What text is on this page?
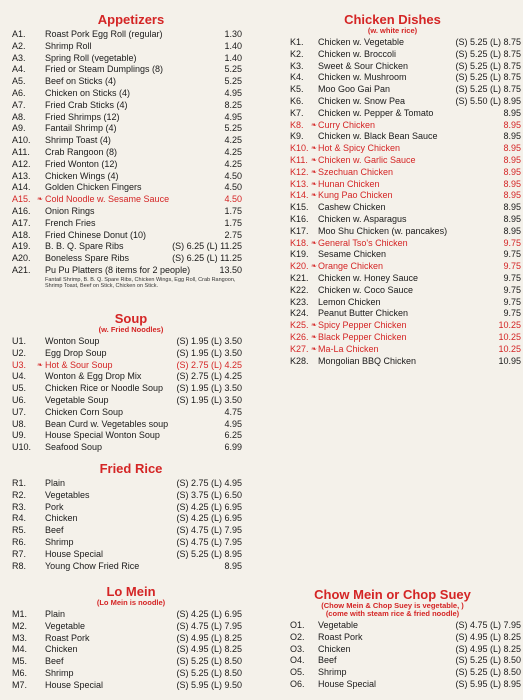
Appetizers
A1. Roast Pork Egg Roll (regular)	1.30
A2. Shrimp Roll	1.40
A3. Spring Roll (vegetable)	1.40
A4. Fried or Steam Dumplings (8)	5.25
A5. Beef on Sticks (4)	5.25
A6. Chicken on Sticks (4)	4.95
A7. Fried Crab Sticks (4)	8.25
A8. Fried Shrimps (12)	4.95
A9. Fantail Shrimp (4)	5.25
A10. Shrimp Toast (4)	4.25
A11. Crab Rangoon (8)	4.25
A12. Fried Wonton (12)	4.25
A13. Chicken Wings (4)	4.50
A14. Golden Chicken Fingers	4.50
A15. ❧ Cold Noodle w. Sesame Sauce	4.50
A16. Onion Rings	1.75
A17. French Fries	1.75
A18. Fried Chinese Donut (10)	2.75
A19. B. B. Q. Spare Ribs	(S) 6.25 (L) 11.25
A20. Boneless Spare Ribs	(S) 6.25 (L) 11.25
A21. Pu Pu Platters (8 items for 2 people)	13.50
Fantail Shrimp, B. B. Q. Spare Ribs, Chicken Wings, Egg Roll, Crab Rangoon, Shrimp Toast, Beef on Stick, Chicken on Stick.
Soup
(w. Fried Noodles)
U1. Wonton Soup	(S) 1.95 (L) 3.50
U2. Egg Drop Soup	(S) 1.95 (L) 3.50
U3. ❧ Hot & Sour Soup	(S) 2.75 (L) 4.25
U4. Wonton & Egg Drop Mix	(S) 2.75 (L) 4.25
U5. Chicken Rice or Noodle Soup (S) 1.95 (L) 3.50
U6. Vegetable Soup	(S) 1.95 (L) 3.50
U7. Chicken Corn Soup	4.75
U8. Bean Curd w. Vegetables soup	4.95
U9. House Special Wonton Soup	6.25
U10. Seafood Soup	6.99
Fried Rice
R1. Plain	(S) 2.75 (L) 4.95
R2. Vegetables	(S) 3.75 (L) 6.50
R3. Pork	(S) 4.25 (L) 6.95
R4. Chicken	(S) 4.25 (L) 6.95
R5. Beef	(S) 4.75 (L) 7.95
R6. Shrimp	(S) 4.75 (L) 7.95
R7. House Special	(S) 5.25 (L) 8.95
R8. Young Chow Fried Rice	8.95
Lo Mein
(Lo Mein is noodle)
M1. Plain	(S) 4.25 (L) 6.95
M2. Vegetable	(S) 4.75 (L) 7.95
M3. Roast Pork	(S) 4.95 (L) 8.25
M4. Chicken	(S) 4.95 (L) 8.25
M5. Beef	(S) 5.25 (L) 8.50
M6. Shrimp	(S) 5.25 (L) 8.50
M7. House Special	(S) 5.95 (L) 9.50
Chicken Dishes
(w. white rice)
K1. Chicken w. Vegetable	(S) 5.25 (L) 8.75
K2. Chicken w. Broccoli	(S) 5.25 (L) 8.75
K3. Sweet & Sour Chicken	(S) 5.25 (L) 8.75
K4. Chicken w. Mushroom	(S) 5.25 (L) 8.75
K5. Moo Goo Gai Pan	(S) 5.25 (L) 8.75
K6. Chicken w. Snow Pea	(S) 5.50 (L) 8.95
K7. Chicken w. Pepper & Tomato	8.95
K8. ❧ Curry Chicken	8.95
K9. Chicken w. Black Bean Sauce	8.95
K10. ❧ Hot & Spicy Chicken	8.95
K11. ❧ Chicken w. Garlic Sauce	8.95
K12. ❧ Szechuan Chicken	8.95
K13. ❧ Hunan Chicken	8.95
K14. ❧ Kung Pao Chicken	8.95
K15. Cashew Chicken	8.95
K16. Chicken w. Asparagus	8.95
K17. Moo Shu Chicken (w. pancakes)	8.95
K18. ❧ General Tso's Chicken	9.75
K19. Sesame Chicken	9.75
K20. ❧ Orange Chicken	9.75
K21. Chicken w. Honey Sauce	9.75
K22. Chicken w. Coco Sauce	9.75
K23. Lemon Chicken	9.75
K24. Peanut Butter Chicken	9.75
K25. ❧ Spicy Pepper Chicken	10.25
K26. ❧ Black Pepper Chicken	10.25
K27. ❧ Ma-La Chicken	10.25
K28. Mongolian BBQ Chicken	10.95
Chow Mein or Chop Suey
(Chow Mein & Chop Suey is vegetable, )
(come with steam rice & fried noodle)
O1. Vegetable	(S) 4.75 (L) 7.95
O2. Roast Pork	(S) 4.95 (L) 8.25
O3. Chicken	(S) 4.95 (L) 8.25
O4. Beef	(S) 5.25 (L) 8.50
O5. Shrimp	(S) 5.25 (L) 8.50
O6. House Special	(S) 5.95 (L) 8.95
